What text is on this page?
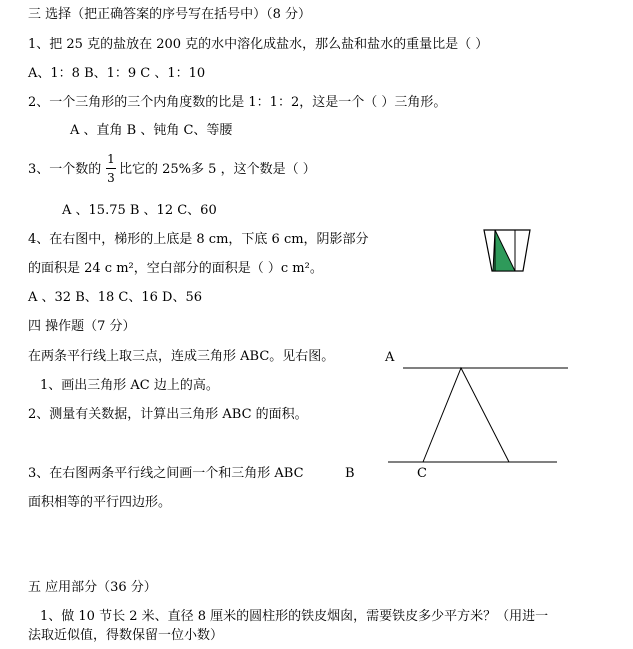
三 选择（把正确答案的序号写在括号中）（8 分）
1、把 25 克的盐放在 200 克的水中溶化成盐水，那么盐和盐水的重量比是（ ）
A、1：8 B、1：9 C 、1：10
2、一个三角形的三个内角度数的比是 1：1：2，这是一个（ ）三角形。
A 、直角 B 、钝角 C、等腰
3、一个数的
1
3
比它的 25%多 5 ，这个数是（ ）
A 、15.75 B 、12 C、60
4、在右图中，梯形的上底是 8 cm，下底 6 cm，阴影部分
的面积是 24 c m²，空白部分的面积是（ ）c m²。
A 、32 B、18 C、16 D、56
四 操作题（7 分）
在两条平行线上取三点，连成三角形 ABC。见右图。
1、画出三角形 AC 边上的高。
2、测量有关数据，计算出三角形 ABC 的面积。
3、在右图两条平行线之间画一个和三角形 ABC
面积相等的平行四边形。
A
B	C
五 应用部分（36 分）
1、做 10 节长 2 米、直径 8 厘米的圆柱形的铁皮烟囱，需要铁皮多少平方米？（用进一
法取近似值，得数保留一位小数）
